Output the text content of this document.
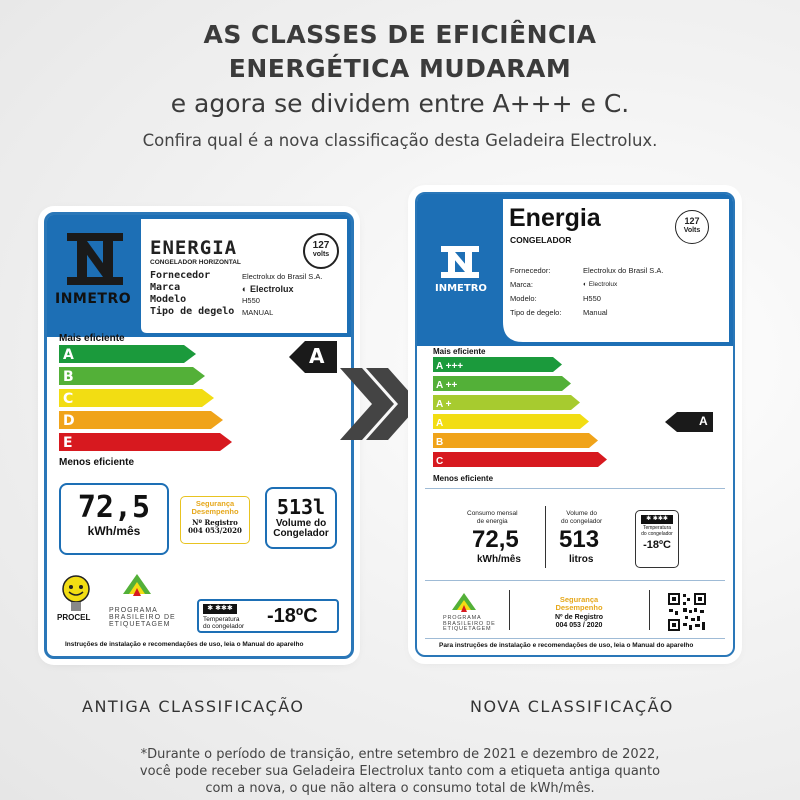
AS CLASSES DE EFICIÊNCIA
ENERGÉTICA MUDARAM
e agora se dividem entre A+++ e C.
Confira qual é a nova classificação desta Geladeira Electrolux.
INMETRO
ENERGIA
CONGELADOR HORIZONTAL
127
volts
Fornecedor
Marca
Modelo
Tipo de degelo
Electrolux do Brasil S.A.
◐ Electrolux
H550
MANUAL
Mais eficiente
A
B
C
D
E
A
Menos eficiente
72,5
kWh/mês
Segurança
Desempenho
Nº Registro
004 053/2020
513l
Volume do
Congelador
PROCEL
PROGRAMA
BRASILEIRO DE
ETIQUETAGEM
✱ ✱✱✱
Temperatura
do congelador -18ºC
Instruções de instalação e recomendações de uso, leia o Manual do aparelho
INMETRO
Energia
CONGELADOR
127
Volts
Fornecedor:
Marca:
Modelo:
Tipo de degelo:
Electrolux do Brasil S.A.
◐ Electrolux
H550
Manual
Mais eficiente
A +++
A ++
A +
A
B
C
A
Menos eficiente
Consumo mensal
de energia
72,5
kWh/mês
Volume do
do congelador
513
litros
✱ ✱✱✱
Temperatura
do congelador
-18ºC
PROGRAMA
BRASILEIRO DE
ETIQUETAGEM
Segurança
Desempenho
Nº de Registro
004 053 / 2020
Para instruções de instalação e recomendações de uso, leia o Manual do aparelho
ANTIGA CLASSIFICAÇÃO	NOVA CLASSIFICAÇÃO
*Durante o período de transição, entre setembro de 2021 e dezembro de 2022,
você pode receber sua Geladeira Electrolux tanto com a etiqueta antiga quanto
com a nova, o que não altera o consumo total de kWh/mês.
